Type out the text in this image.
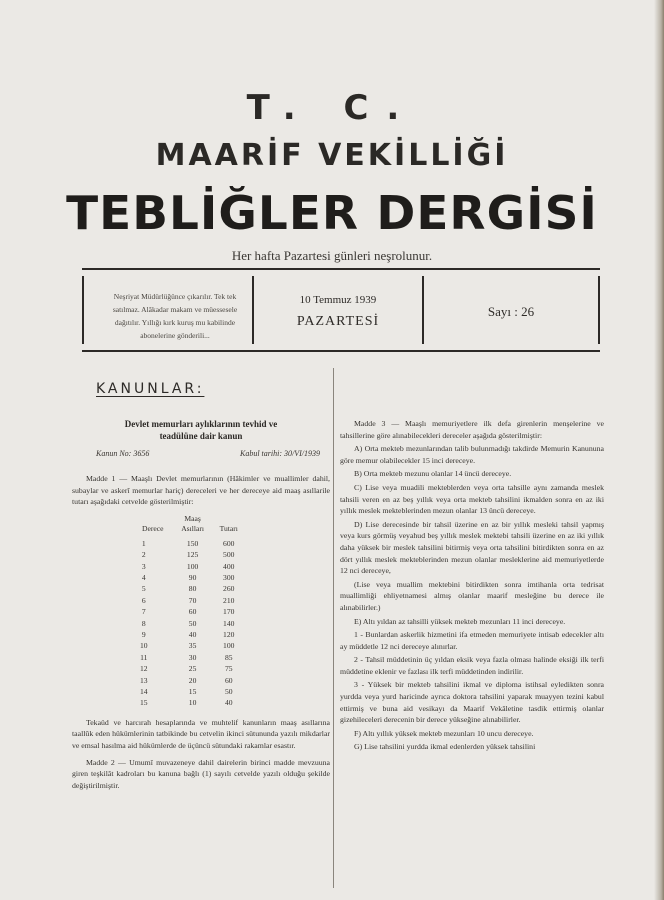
T. C.
MAARİF VEKİLLİĞİ
TEBLİĞLER DERGİSİ
Her hafta Pazartesi günleri neşrolunur.
Neşriyat Müdürlüğünce çıkarılır. Tek tek satılmaz. Alâkadar makam ve müessesele dağıtılır. Yıllığı kırk kuruş mu kabilinde abonelerine gönderili...
10 Temmuz 1939
PAZARTESİ
Sayı : 26
KANUNLAR:
Devlet memurları aylıklarının tevhid ve
teadülüne dair kanun
Kanun No: 3656	Kabul tarihi: 30/VI/1939

Madde 1 — Maaşlı Devlet memurlarının (Hâkimler ve muallimler dahil, subaylar ve askerî memurlar hariç) dereceleri ve her dereceye aid maaş asıllarile tutarı aşağıdaki cetvelde gösterilmiştir:

Derece	Maaş Asılları	Tutarı
1	150	600
2	125	500
3	100	400
4	90	300
5	80	260
6	70	210
7	60	170
8	50	140
9	40	120
10	35	100
11	30	85
12	25	75
13	20	60
14	15	50
15	10	40

Tekaüd ve harcırah hesaplarında ve muhtelif kanunların maaş asıllarına taallûk eden hükümlerinin tatbikinde bu cetvelin ikinci sütununda yazılı mikdarlar ve emsal hasılma aid hükümlerde de üçüncü sütundaki rakamlar esastır.

Madde 2 — Umumî muvazeneye dahil dairelerin birinci madde mevzuuna giren teşkilât kadroları bu kanuna bağlı (1) sayılı cetvelde yazılı olduğu şekilde değiştirilmiştir.

Madde 3 — Maaşlı memuriyetlere ilk defa girenlerin menşelerine ve tahsillerine göre alınabilecekleri dereceler aşağıda gösterilmiştir:

A) Orta mekteb mezunlarından talib bulunmadığı takdirde Memurin Kanununa göre memur olabilecekler 15 inci dereceye.

B) Orta mekteb mezunu olanlar 14 üncü dereceye.

C) Lise veya muadili mekteblerden veya orta tahsille aynı zamanda meslek tahsili veren en az beş yıllık veya orta mekteb tahsilini ikmalden sonra en az iki yıllık meslek mekteblerinden mezun olanlar 13 üncü dereceye.

D) Lise derecesinde bir tahsil üzerine en az bir yıllık mesleki tahsil yapmış veya kurs görmüş veyahud beş yıllık meslek mektebi tahsili üzerine en az iki yıllık daha yüksek bir meslek tahsilini bitirmiş veya orta tahsilini bitirdikten sonra en az dört yıllık meslek mekteblerinden mezun olanlar mesleklerine aid memuriyetlerde 12 nci dereceye,

(Lise veya muallim mektebini bitirdikten sonra imtihanla orta tedrisat muallimliği ehliyetnamesi almış olanlar maarif mesleğine bu derece ile alınabilirler.)

E) Altı yıldan az tahsilli yüksek mekteb mezunları 11 inci dereceye.

1 - Bunlardan askerlik hizmetini ifa etmeden memuriyete intisab edecekler altı ay müddetle 12 nci dereceye alınırlar.

2 - Tahsil müddetinin üç yıldan eksik veya fazla olması halinde eksiği ilk terfi müddetine eklenir ve fazlası ilk terfi müddetinden indirilir.

3 - Yüksek bir mekteb tahsilini ikmal ve diploma istihsal eyledikten sonra yurdda veya yurd haricinde ayrıca doktora tahsilini yaparak muayyen tezini kabul ettirmiş ve buna aid vesikayı da Maarif Vekâletine tasdik ettirmiş olanlar gizehileceleri derecenin bir derece yükseğine alınabilirler.

F) Altı yıllık yüksek mekteb mezunları 10 uncu dereceye.

G) Lise tahsilini yurdda ikmal edenlerden yüksek tahsilini
